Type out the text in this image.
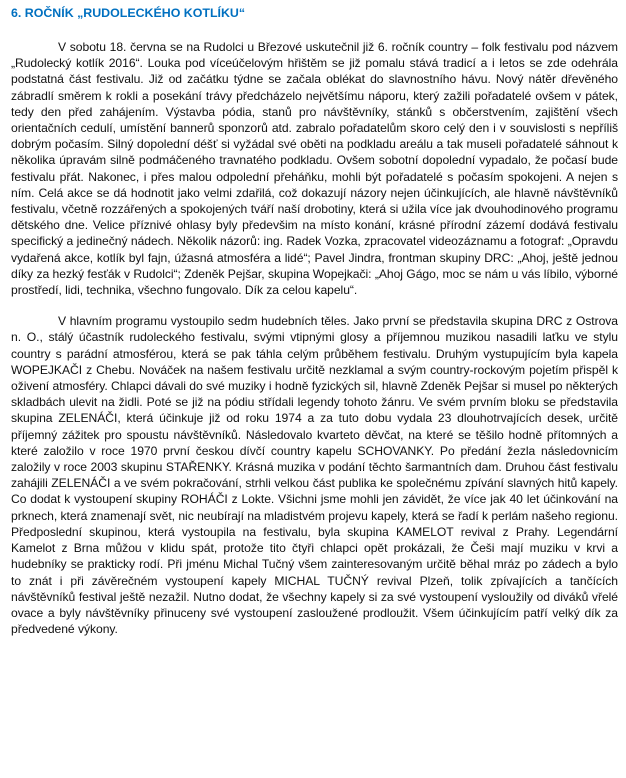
6. ROČNÍK „RUDOLECKÉHO KOTLÍKU“

V sobotu 18. června se na Rudolci u Březové uskutečnil již 6. ročník country – folk festivalu pod názvem „Rudolecký kotlík 2016“. Louka pod víceúčelovým hřištěm se již pomalu stává tradicí a i letos se zde odehrála podstatná část festivalu. Již od začátku týdne se začala oblékat do slavnostního hávu. Nový nátěr dřevěného zábradlí směrem k rokli a posekání trávy předcházelo největšímu náporu, který zažili pořadatelé ovšem v pátek, tedy den před zahájením. Výstavba pódia, stanů pro návštěvníky, stánků s občerstvením, zajištění všech orientačních cedulí, umístění bannerů sponzorů atd. zabralo pořadatelům skoro celý den i v souvislosti s nepříliš dobrým počasím. Silný dopolední déšť si vyžádal své oběti na podkladu areálu a tak museli pořadatelé sáhnout k několika úpravám silně podmáčeného travnatého podkladu. Ovšem sobotní dopolední vypadalo, že počasí bude festivalu přát. Nakonec, i přes malou odpolední přeháňku, mohli být pořadatelé s počasím spokojeni. A nejen s ním. Celá akce se dá hodnotit jako velmi zdařilá, což dokazují názory nejen účinkujících, ale hlavně návštěvníků festivalu, včetně rozzářených a spokojených tváří naší drobotiny, která si užila více jak dvouhodinového programu dětského dne. Velice příznivé ohlasy byly předevšim na místo konání, krásné přírodní zázemí dodává festivalu specifický a jedinečný nádech. Několik názorů: ing. Radek Vozka, zpracovatel videozáznamu a fotograf: „Opravdu vydařená akce, kotlík byl fajn, úžasná atmosféra a lidé“; Pavel Jindra, frontman skupiny DRC: „Ahoj, ještě jednou díky za hezký fesťák v Rudolci“; Zdeněk Pejšar, skupina Wopejkači: „Ahoj Gágo, moc se nám u vás líbilo, výborné prostředí, lidi, technika, všechno fungovalo. Dík za celou kapelu“.

V hlavním programu vystoupilo sedm hudebních těles. Jako první se představila skupina DRC z Ostrova n. O., stálý účastník rudoleckého festivalu, svými vtipnými glosy a příjemnou muzikou nasadili laťku ve stylu country s parádní atmosférou, která se pak táhla celým průběhem festivalu. Druhým vystupujícím byla kapela WOPEJKAČI z Chebu. Nováček na našem festivalu určitě nezklamal a svým country-rockovým pojetím přispěl k oživení atmosféry. Chlapci dávali do své muziky i hodně fyzických sil, hlavně Zdeněk Pejšar si musel po některých skladbách ulevit na židli. Poté se již na pódiu střídali legendy tohoto žánru. Ve svém prvním bloku se představila skupina ZELENÁČI, která účinkuje již od roku 1974 a za tuto dobu vydala 23 dlouhotrvajících desek, určitě příjemný zážitek pro spoustu návštěvníků. Následovalo kvarteto děvčat, na které se těšilo hodně přítomných a které založilo v roce 1970 první českou dívčí country kapelu SCHOVANKY. Po předání žezla následovnicím založily v roce 2003 skupinu STAŘENKY. Krásná muzika v podání těchto šarmantních dam. Druhou část festivalu zahájili ZELENÁČI a ve svém pokračování, strhli velkou část publika ke společnému zpívání slavných hitů kapely. Co dodat k vystoupení skupiny ROHÁČI z Lokte. Všichni jsme mohli jen závidět, že více jak 40 let účinkování na prknech, která znamenají svět, nic neubírají na mladistvém projevu kapely, která se řadí k perlám našeho regionu. Předposlední skupinou, která vystoupila na festivalu, byla skupina KAMELOT revival z Prahy. Legendární Kamelot z Brna můžou v klidu spát, protože tito čtyři chlapci opět prokázali, že Češi mají muziku v krvi a hudebníky se prakticky rodí. Při jménu Michal Tučný všem zainteresovaným určitě běhal mráz po zádech a bylo to znát i při závěrečném vystoupení kapely MICHAL TUČNÝ revival Plzeň, tolik zpívajících a tančících návštěvníků festival ještě nezažil. Nutno dodat, že všechny kapely si za své vystoupení vysloužily od diváků vřelé ovace a byly návštěvníky přinuceny své vystoupení zasloužené prodloužit. Všem účinkujícím patří velký dík za předvedené výkony.
